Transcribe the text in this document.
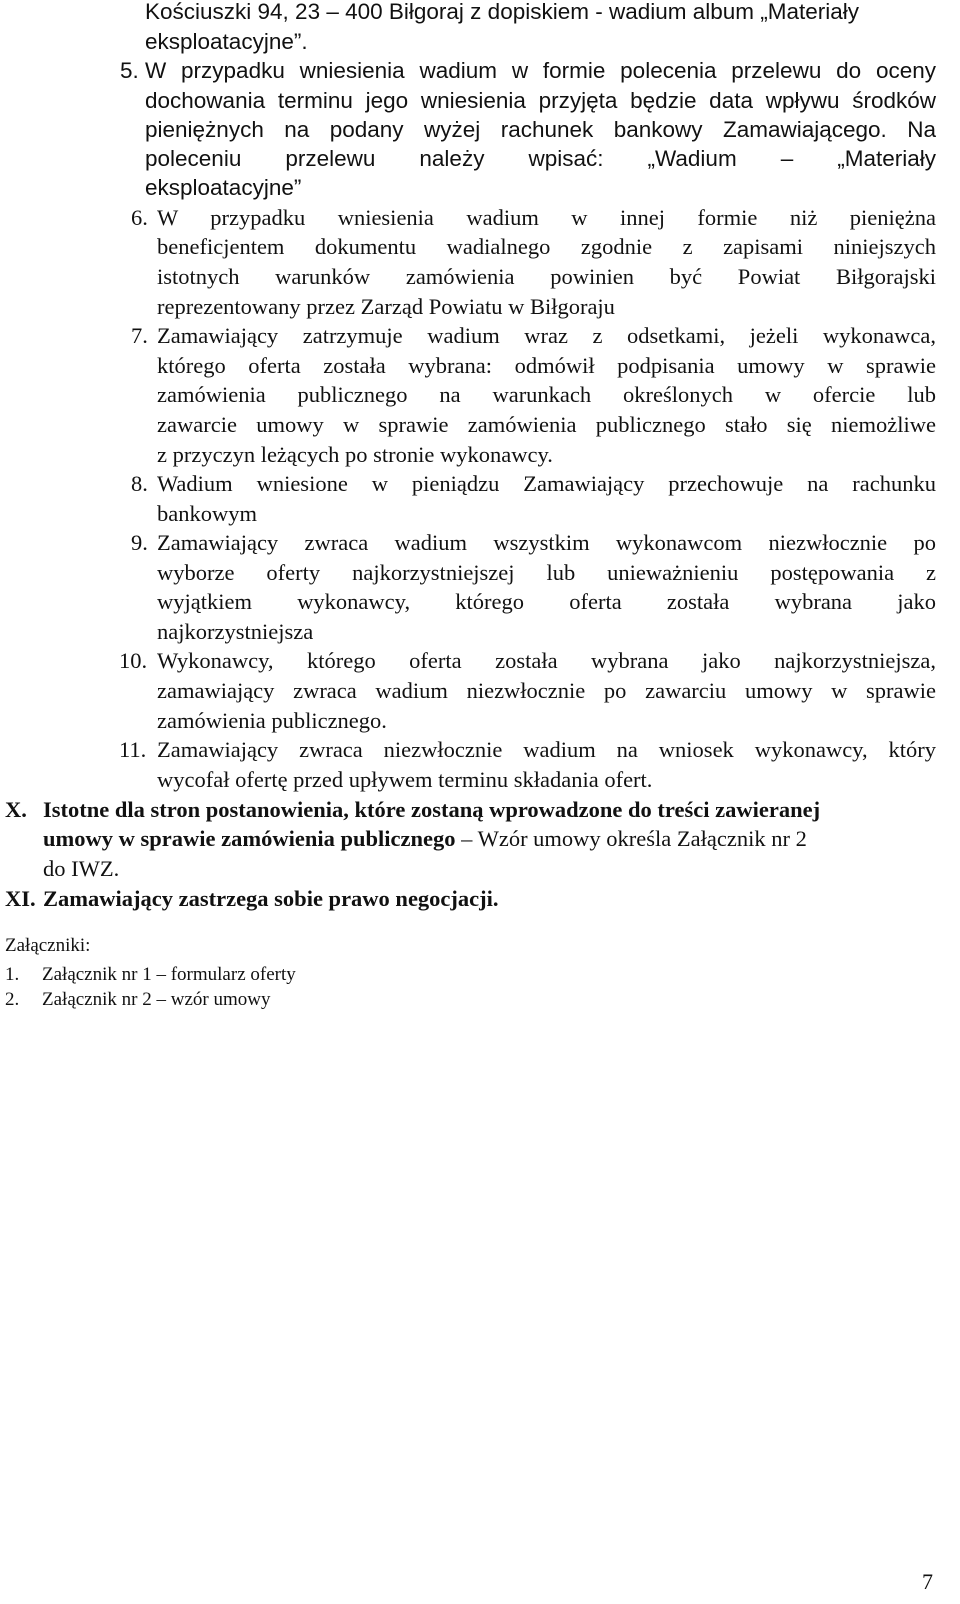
Kościuszki 94, 23 – 400 Biłgoraj z dopiskiem - wadium album „Materiały
eksploatacyjne”.
5. W przypadku wniesienia wadium w formie polecenia przelewu do oceny
dochowania terminu jego wniesienia przyjęta będzie data wpływu środków
pieniężnych na podany wyżej rachunek bankowy Zamawiającego. Na
poleceniu przelewu należy wpisać: „Wadium – „Materiały
eksploatacyjne”
6. W przypadku wniesienia wadium w innej formie niż pieniężna
beneficjentem dokumentu wadialnego zgodnie z zapisami niniejszych
istotnych warunków zamówienia powinien być Powiat Biłgorajski
reprezentowany przez Zarząd Powiatu w Biłgoraju
7. Zamawiający zatrzymuje wadium wraz z odsetkami, jeżeli wykonawca,
którego oferta została wybrana: odmówił podpisania umowy w sprawie
zamówienia publicznego na warunkach określonych w ofercie lub
zawarcie umowy w sprawie zamówienia publicznego stało się niemożliwe
z przyczyn leżących po stronie wykonawcy.
8. Wadium wniesione w pieniądzu Zamawiający przechowuje na rachunku
bankowym
9. Zamawiający zwraca wadium wszystkim wykonawcom niezwłocznie po
wyborze oferty najkorzystniejszej lub unieważnieniu postępowania z
wyjątkiem wykonawcy, którego oferta została wybrana jako
najkorzystniejsza
10. Wykonawcy, którego oferta została wybrana jako najkorzystniejsza,
zamawiający zwraca wadium niezwłocznie po zawarciu umowy w sprawie
zamówienia publicznego.
11. Zamawiający zwraca niezwłocznie wadium na wniosek wykonawcy, który
wycofał ofertę przed upływem terminu składania ofert.
X. Istotne dla stron postanowienia, które zostaną wprowadzone do treści zawieranej
umowy w sprawie zamówienia publicznego – Wzór umowy określa Załącznik nr 2
do IWZ.
XI. Zamawiający zastrzega sobie prawo negocjacji.
Załączniki:
1. Załącznik nr 1 – formularz oferty
2. Załącznik nr 2 – wzór umowy
7
